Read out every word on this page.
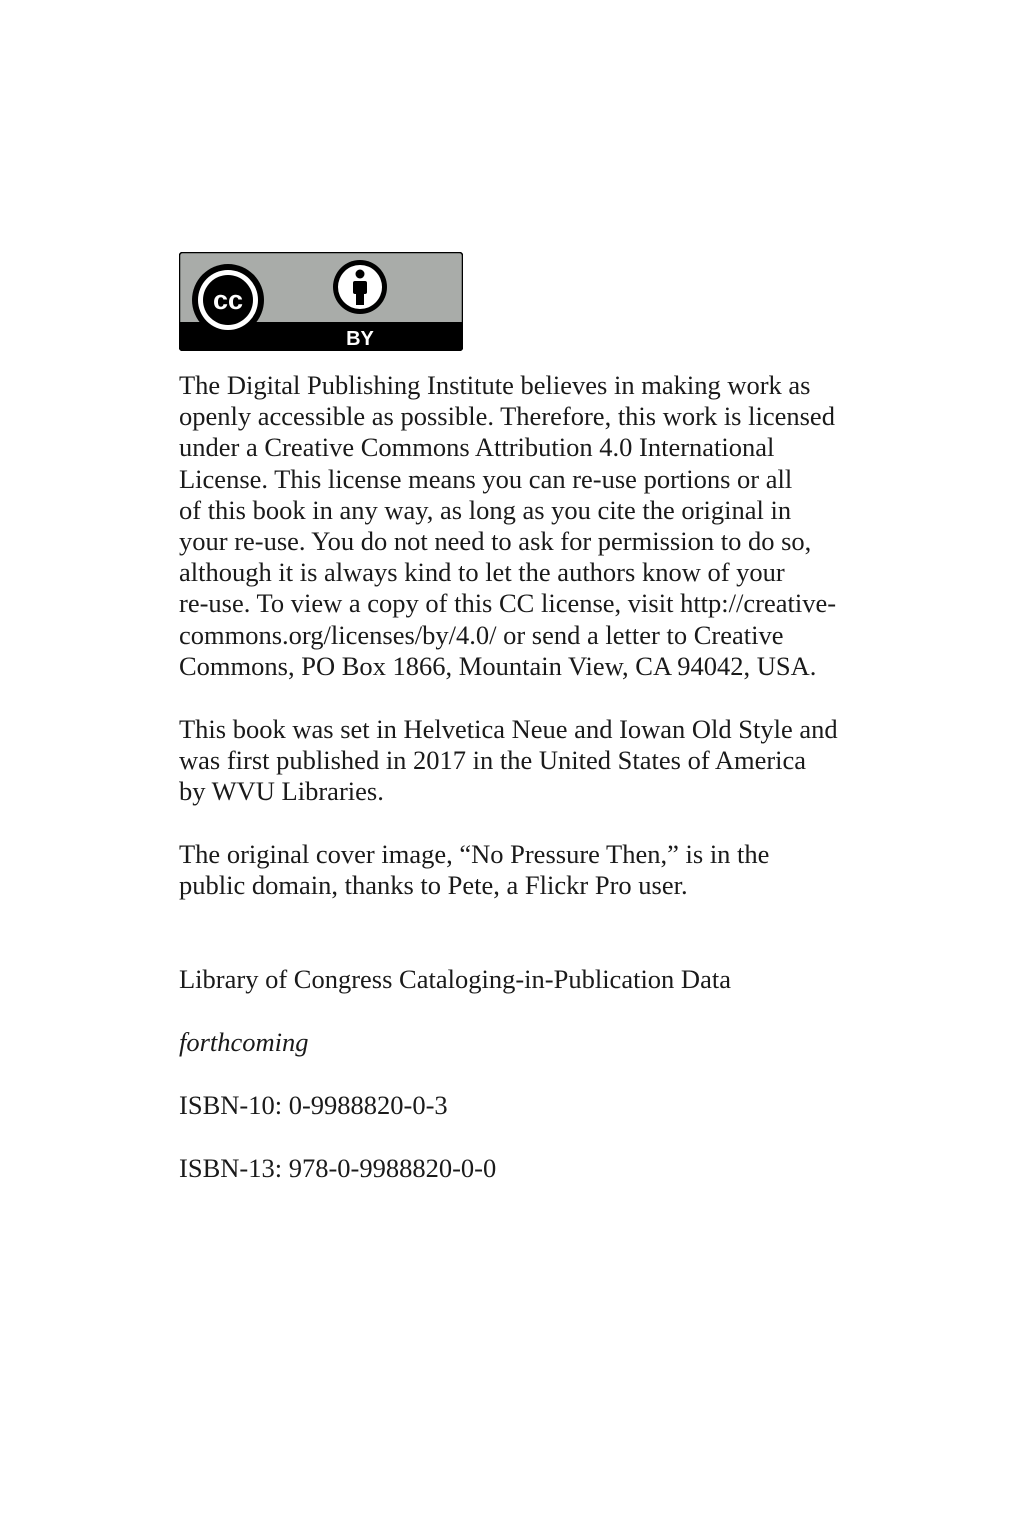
cc
BY

The Digital Publishing Institute believes in making work as
openly accessible as possible. Therefore, this work is licensed
under a Creative Commons Attribution 4.0 International
License. This license means you can re-use portions or all
of this book in any way, as long as you cite the original in
your re-use. You do not need to ask for permission to do so,
although it is always kind to let the authors know of your
re-use. To view a copy of this CC license, visit http://creative-
commons.org/licenses/by/4.0/ or send a letter to Creative
Commons, PO Box 1866, Mountain View, CA 94042, USA.

This book was set in Helvetica Neue and Iowan Old Style and
was first published in 2017 in the United States of America
by WVU Libraries.

The original cover image, “No Pressure Then,” is in the
public domain, thanks to Pete, a Flickr Pro user.

Library of Congress Cataloging-in-Publication Data

forthcoming

ISBN-10: 0-9988820-0-3

ISBN-13: 978-0-9988820-0-0
